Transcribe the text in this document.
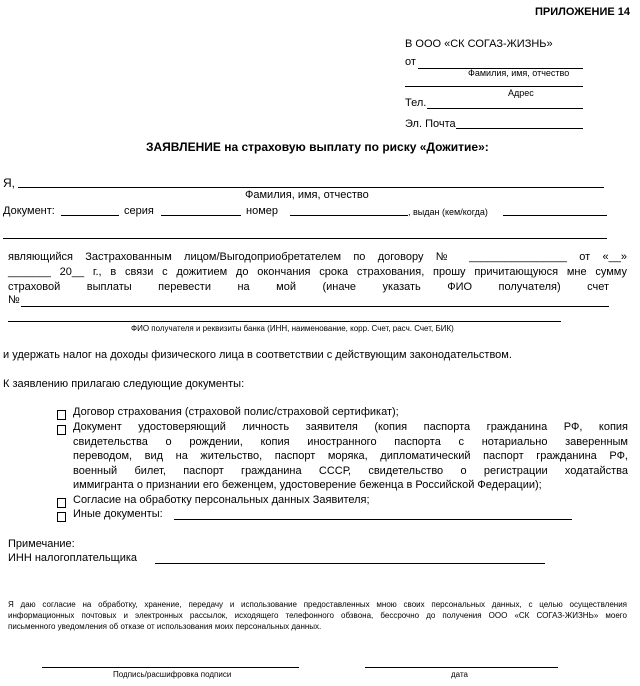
ПРИЛОЖЕНИЕ 14
В ООО «СК СОГАЗ-ЖИЗНЬ»
от
Фамилия, имя, отчество
Адрес
Тел.
Эл. Почта
ЗАЯВЛЕНИЕ на страховую выплату по риску «Дожитие»:
Я,
Фамилия, имя, отчество
Документ:	серия	номер	, выдан (кем/когда)
являющийся Застрахованным лицом/Выгодоприобретателем по договору № ________________ от «__»
_______ 20__ г., в связи с дожитием до окончания срока страхования, прошу причитающуюся мне сумму
страховой выплаты перевести на мой (иначе указать ФИО получателя) счет
№
ФИО получателя и реквизиты банка (ИНН, наименование, корр. Счет, расч. Счет, БИК)
и удержать налог на доходы физического лица в соответствии с действующим законодательством.
К заявлению прилагаю следующие документы:
Договор страхования (страховой полис/страховой сертификат);
Документ удостоверяющий личность заявителя (копия паспорта гражданина РФ, копия
свидетельства о рождении, копия иностранного паспорта с нотариально заверенным
переводом, вид на жительство, паспорт моряка, дипломатический паспорт гражданина РФ,
военный билет, паспорт гражданина СССР, свидетельство о регистрации ходатайства
иммигранта о признании его беженцем, удостоверение беженца в Российской Федерации);
Согласие на обработку персональных данных Заявителя;
Иные документы:
Примечание:
ИНН налогоплательщика
Я даю согласие на обработку, хранение, передачу и использование предоставленных мною своих персональных данных, с целью осуществления
информационных почтовых и электронных рассылок, исходящего телефонного обзвона, бессрочно до получения ООО «СК СОГАЗ-ЖИЗНЬ» моего
письменного уведомления об отказе от использования моих персональных данных.
Подпись/расшифровка подписи	дата
